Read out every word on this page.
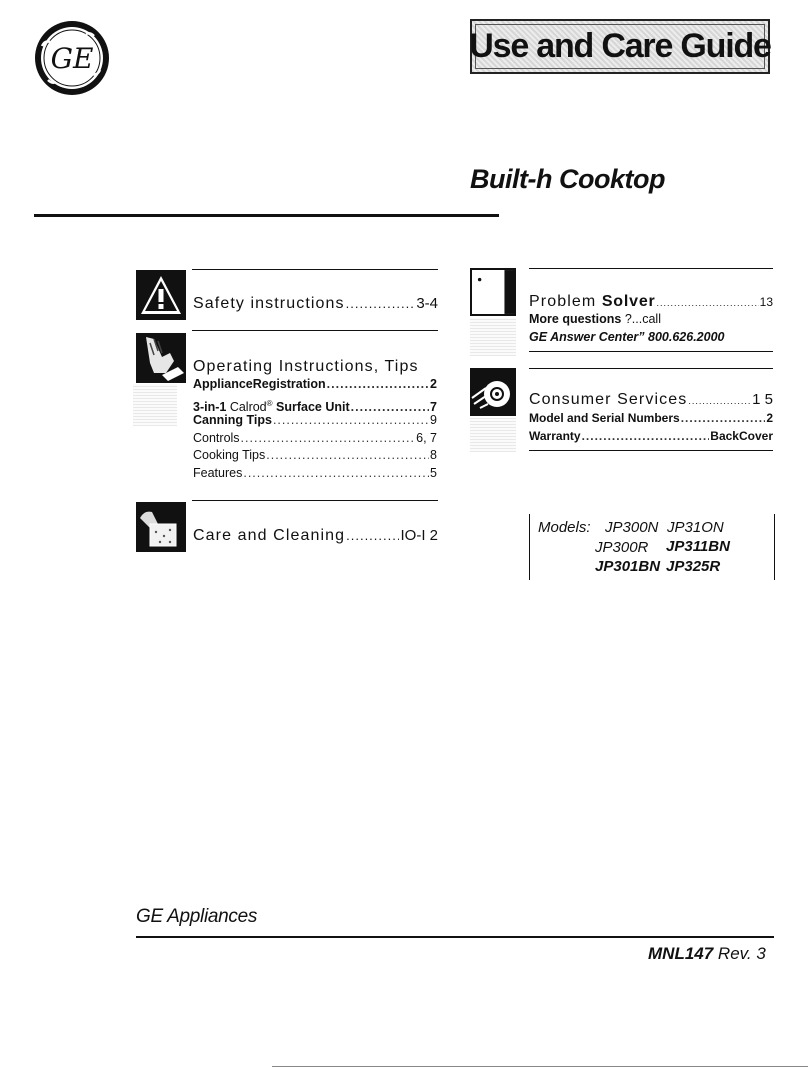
GE	Use and Care Guide
Built-h Cooktop
Safety instructions .....	3-4
Operating Instructions, Tips
ApplianceRegistration .....	2
3-in-1 Calrod® Surface Unit .....	7
Canning Tips .....	9
Controls .....	6, 7
Cooking Tips .....	8
Features .....	5
Care and Cleaning .....	IO-I 2
Problem Solver .....	13
More questions ?...call
GE Answer Center” 800.626.2000
Consumer Services .....	1 5
Model and Serial Numbers .....	2
Warranty .....	BackCover
Models: JP300N JP31ON
JP300R JP311BN
JP301BN JP325R
GE Appliances
MNL147 Rev. 3
